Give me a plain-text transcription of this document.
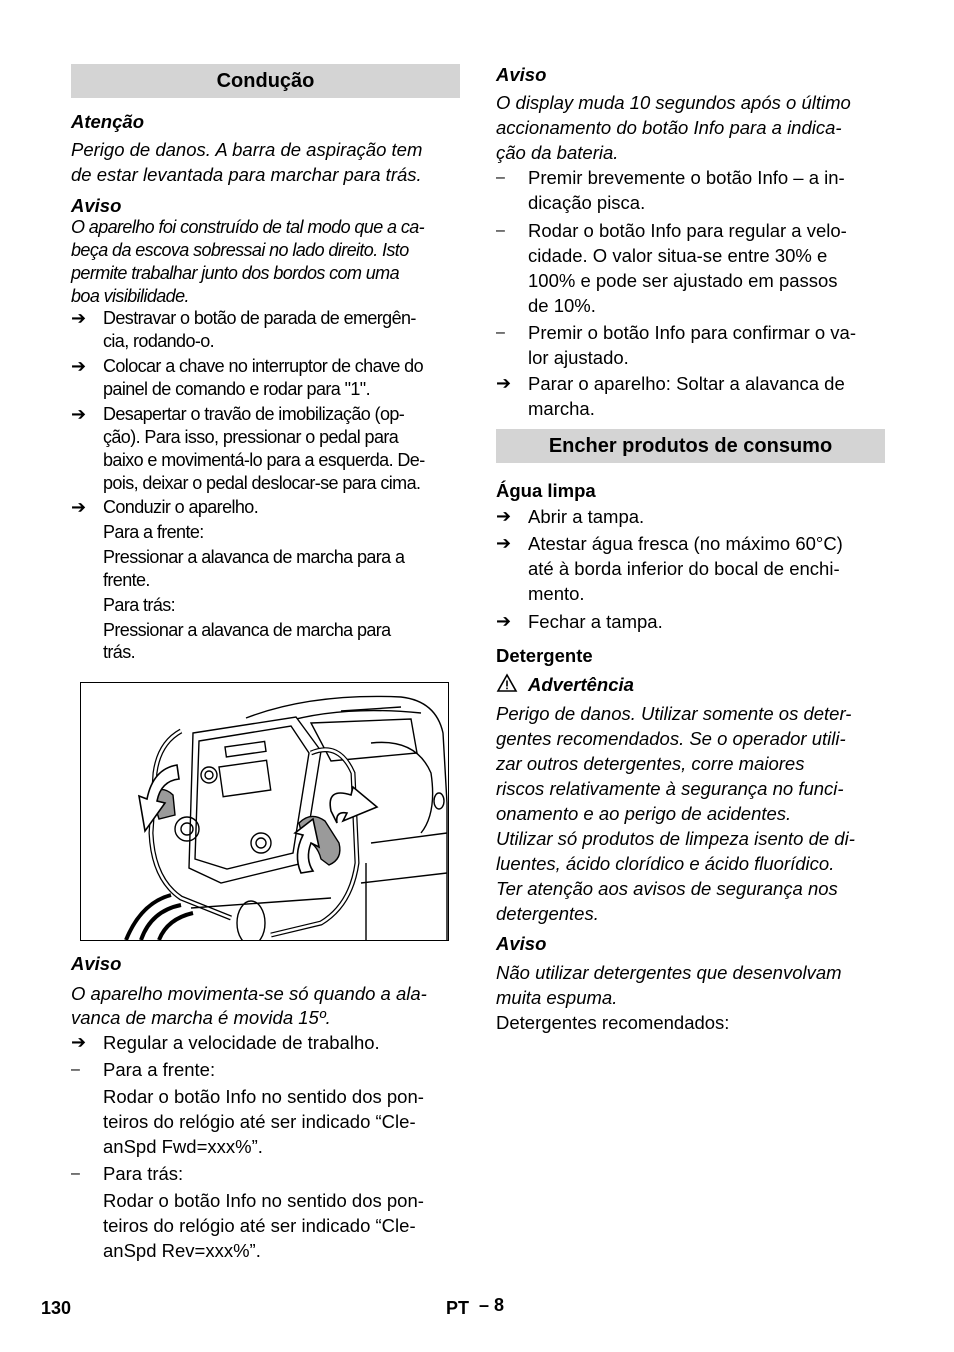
Condução
Atenção
Perigo de danos. A barra de aspiração tem
de estar levantada para marchar para trás.
Aviso
O aparelho foi construído de tal modo que a ca-
beça da escova sobressai no lado direito. Isto
permite trabalhar junto dos bordos com uma
boa visibilidade.
➔ Destravar o botão de parada de emergên-
cia, rodando-o.
➔ Colocar a chave no interruptor de chave do
painel de comando e rodar para "1".
➔ Desapertar o travão de imobilização (op-
ção). Para isso, pressionar o pedal para
baixo e movimentá-lo para a esquerda. De-
pois, deixar o pedal deslocar-se para cima.
➔ Conduzir o aparelho.
Para a frente:
Pressionar a alavanca de marcha para a
frente.
Para trás:
Pressionar a alavanca de marcha para
trás.
Aviso
O aparelho movimenta-se só quando a ala-
vanca de marcha é movida 15º.
➔ Regular a velocidade de trabalho.
– Para a frente:
Rodar o botão Info no sentido dos pon-
teiros do relógio até ser indicado “Cle-
anSpd Fwd=xxx%”.
– Para trás:
Rodar o botão Info no sentido dos pon-
teiros do relógio até ser indicado “Cle-
anSpd Rev=xxx%”.
Aviso
O display muda 10 segundos após o último
accionamento do botão Info para a indica-
ção da bateria.
– Premir brevemente o botão Info – a in-
dicação pisca.
– Rodar o botão Info para regular a velo-
cidade. O valor situa-se entre 30% e
100% e pode ser ajustado em passos
de 10%.
– Premir o botão Info para confirmar o va-
lor ajustado.
➔ Parar o aparelho: Soltar a alavanca de
marcha.
Encher produtos de consumo
Água limpa
➔ Abrir a tampa.
➔ Atestar água fresca (no máximo 60°C)
até à borda inferior do bocal de enchi-
mento.
➔ Fechar a tampa.
Detergente
Advertência
Perigo de danos. Utilizar somente os deter-
gentes recomendados. Se o operador utili-
zar outros detergentes, corre maiores
riscos relativamente à segurança no funci-
onamento e ao perigo de acidentes.
Utilizar só produtos de limpeza isento de di-
luentes, ácido clorídico e ácido fluorídico.
Ter atenção aos avisos de segurança nos
detergentes.
Aviso
Não utilizar detergentes que desenvolvam
muita espuma.
Detergentes recomendados:
130	PT – 8
